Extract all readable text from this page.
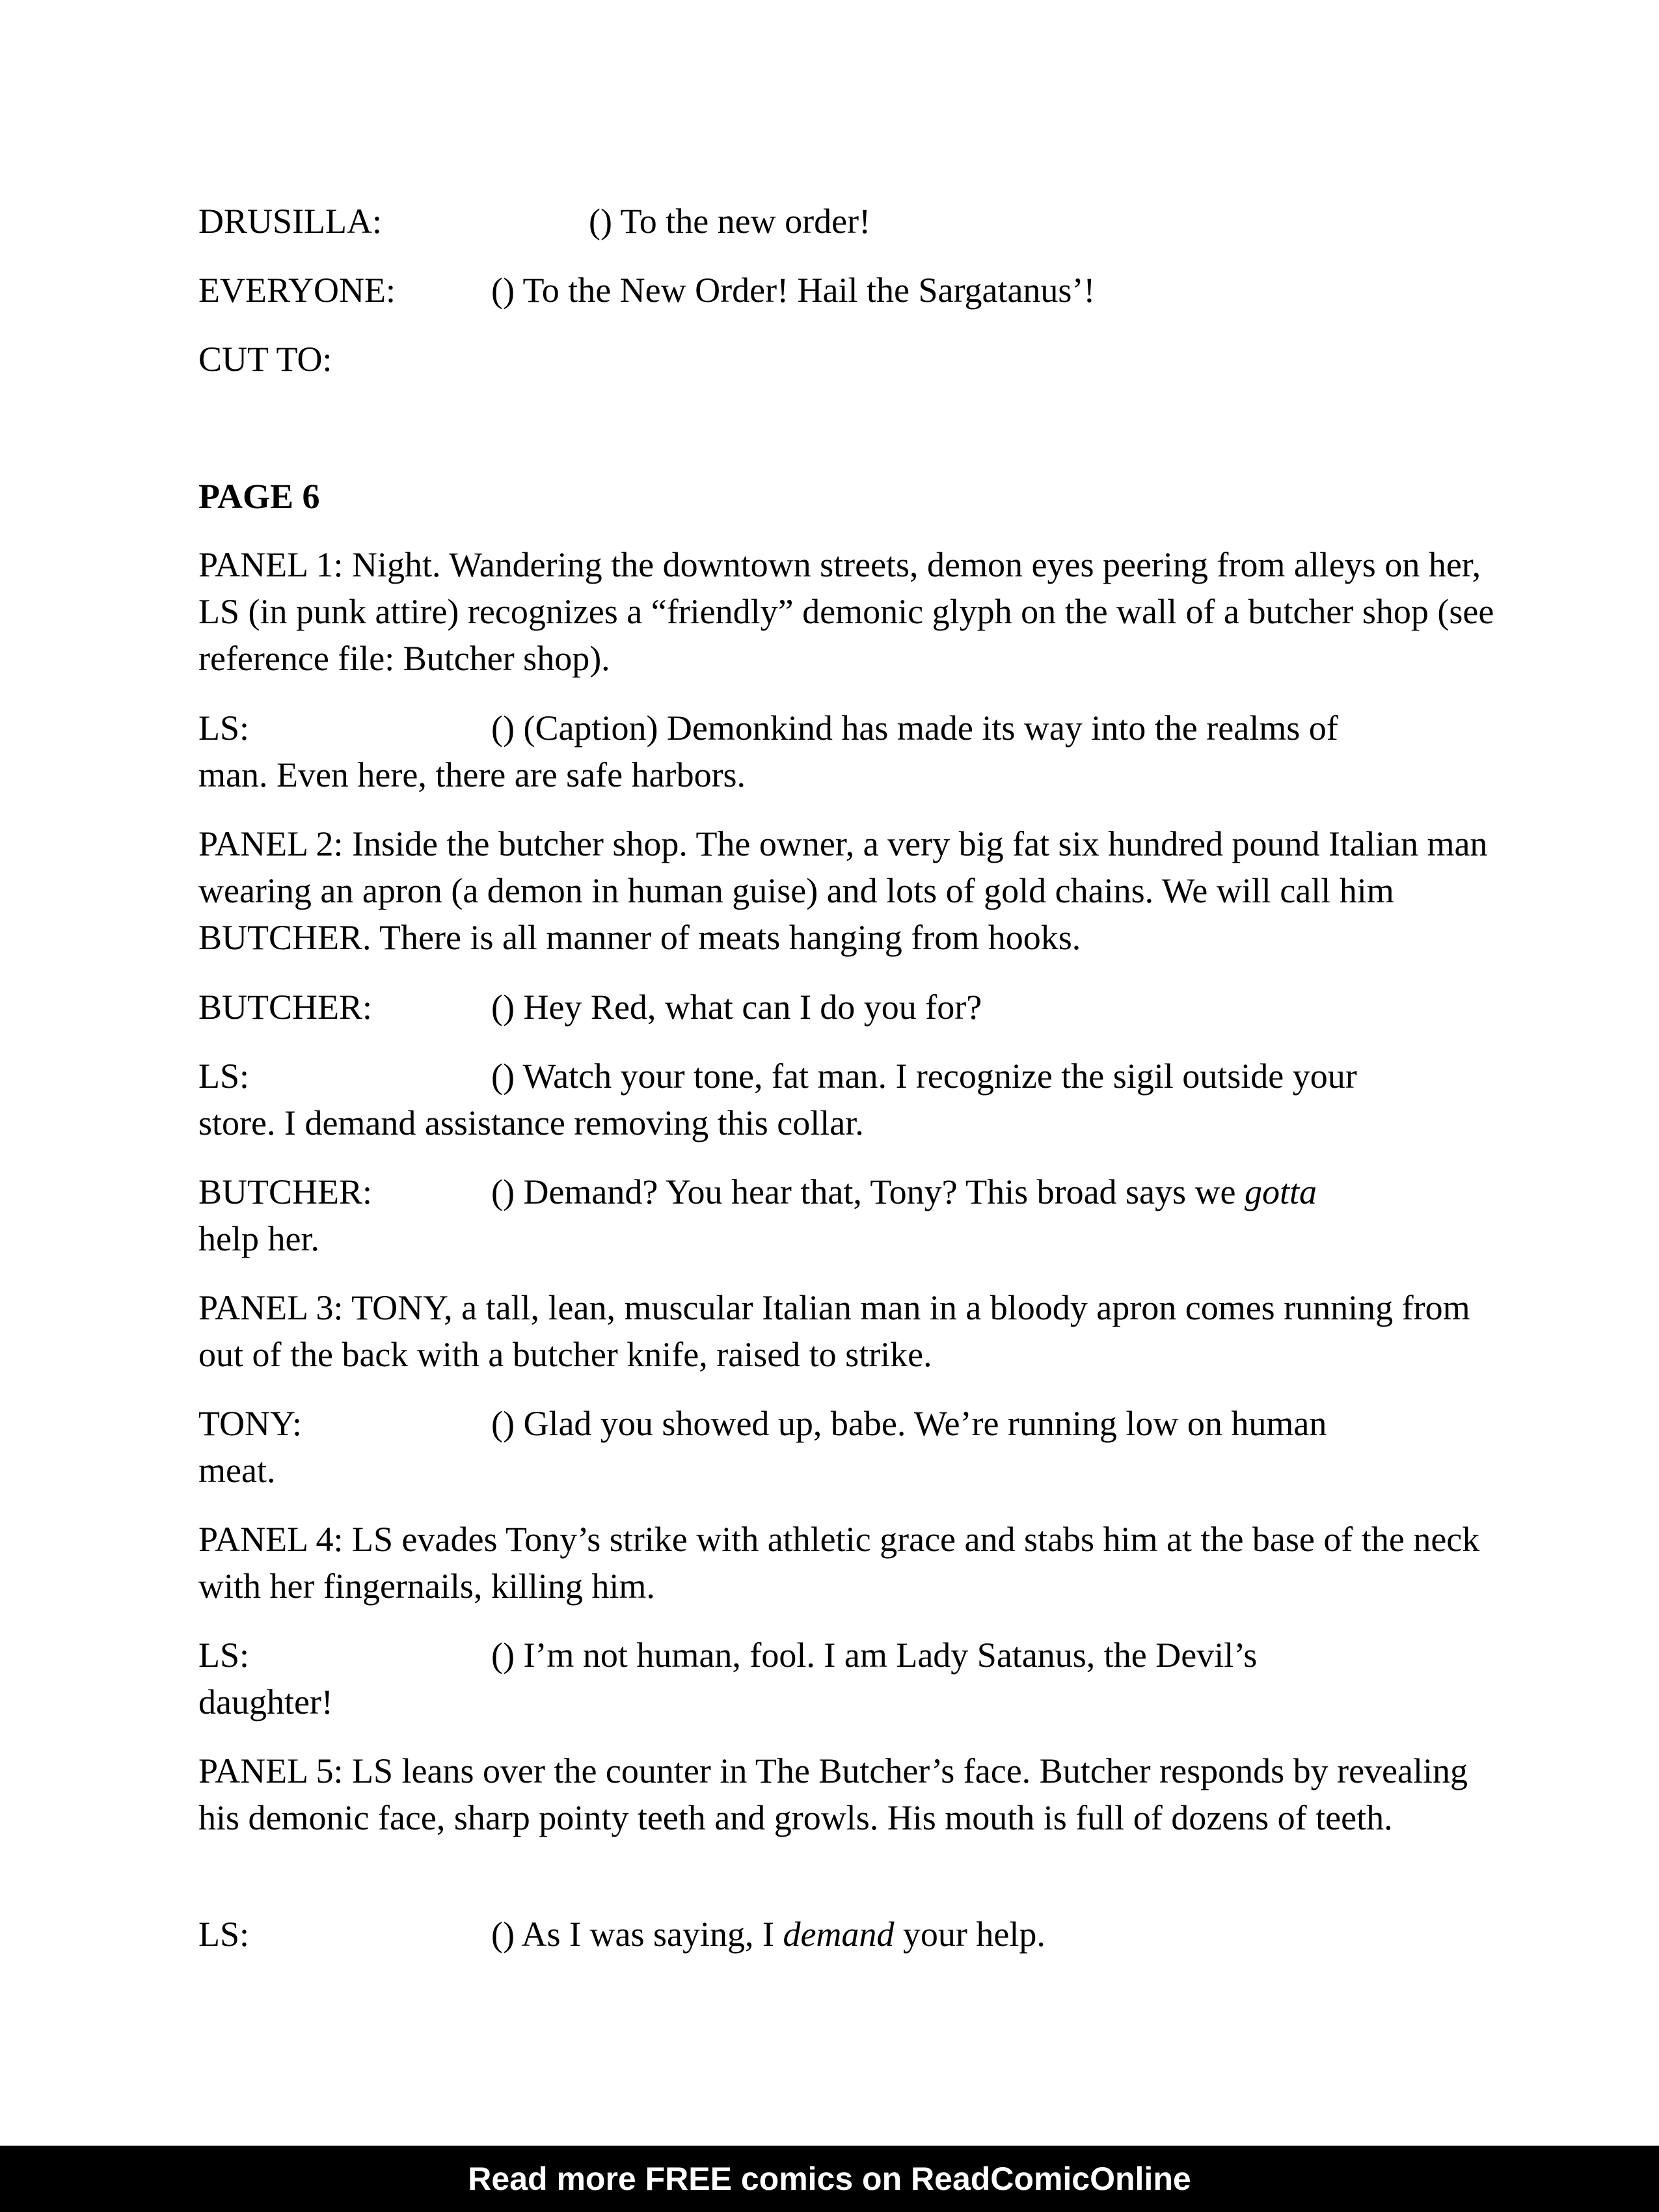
DRUSILLA:	() To the new order!
EVERYONE:	() To the New Order! Hail the Sargatanus’!
CUT TO:
PAGE 6
PANEL 1: Night. Wandering the downtown streets, demon eyes peering from alleys on her, LS (in punk attire) recognizes a “friendly” demonic glyph on the wall of a butcher shop (see reference file: Butcher shop).
LS:	() (Caption) Demonkind has made its way into the realms of
man. Even here, there are safe harbors.
PANEL 2: Inside the butcher shop. The owner, a very big fat six hundred pound Italian man wearing an apron (a demon in human guise) and lots of gold chains. We will call him BUTCHER. There is all manner of meats hanging from hooks.
BUTCHER:	() Hey Red, what can I do you for?
LS:	() Watch your tone, fat man. I recognize the sigil outside your
store. I demand assistance removing this collar.
BUTCHER:	() Demand? You hear that, Tony? This broad says we gotta
help her.
PANEL 3: TONY, a tall, lean, muscular Italian man in a bloody apron comes running from out of the back with a butcher knife, raised to strike.
TONY:	() Glad you showed up, babe. We’re running low on human
meat.
PANEL 4: LS evades Tony’s strike with athletic grace and stabs him at the base of the neck with her fingernails, killing him.
LS:	() I’m not human, fool. I am Lady Satanus, the Devil’s
daughter!
PANEL 5: LS leans over the counter in The Butcher’s face. Butcher responds by revealing his demonic face, sharp pointy teeth and growls. His mouth is full of dozens of teeth.
LS:	() As I was saying, I demand your help.
Read more FREE comics on ReadComicOnline
